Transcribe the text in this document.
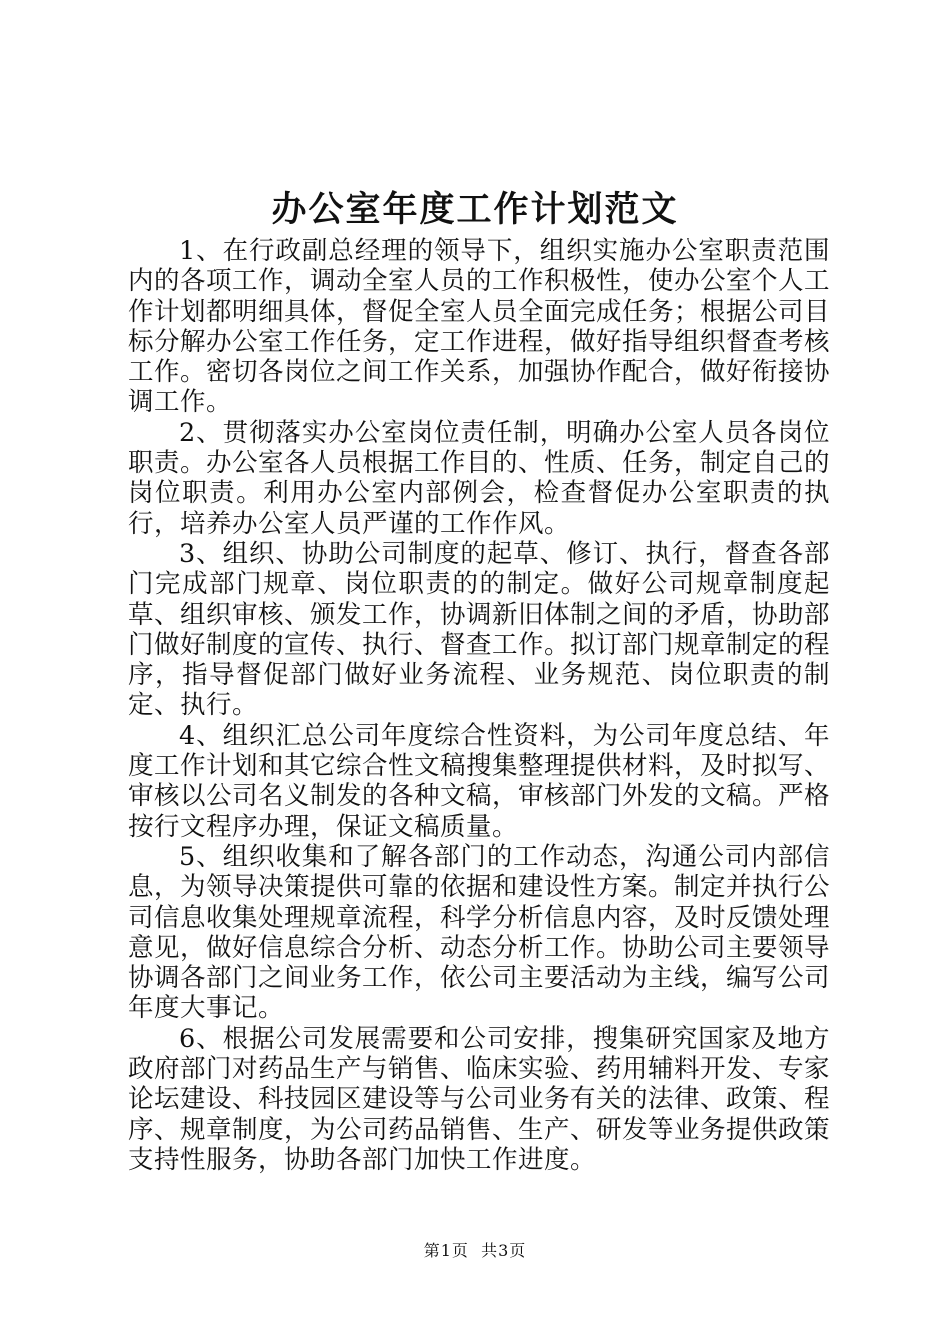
办公室年度工作计划范文

1、在行政副总经理的领导下，组织实施办公室职责范围内的各项工作，调动全室人员的工作积极性，使办公室个人工作计划都明细具体，督促全室人员全面完成任务；根据公司目标分解办公室工作任务，定工作进程，做好指导组织督查考核工作。密切各岗位之间工作关系，加强协作配合，做好衔接协调工作。

2、贯彻落实办公室岗位责任制，明确办公室人员各岗位职责。办公室各人员根据工作目的、性质、任务，制定自己的岗位职责。利用办公室内部例会，检查督促办公室职责的执行，培养办公室人员严谨的工作作风。

3、组织、协助公司制度的起草、修订、执行，督查各部门完成部门规章、岗位职责的的制定。做好公司规章制度起草、组织审核、颁发工作，协调新旧体制之间的矛盾，协助部门做好制度的宣传、执行、督查工作。拟订部门规章制定的程序，指导督促部门做好业务流程、业务规范、岗位职责的制定、执行。

4、组织汇总公司年度综合性资料，为公司年度总结、年度工作计划和其它综合性文稿搜集整理提供材料，及时拟写、审核以公司名义制发的各种文稿，审核部门外发的文稿。严格按行文程序办理，保证文稿质量。

5、组织收集和了解各部门的工作动态，沟通公司内部信息，为领导决策提供可靠的依据和建设性方案。制定并执行公司信息收集处理规章流程，科学分析信息内容，及时反馈处理意见，做好信息综合分析、动态分析工作。协助公司主要领导协调各部门之间业务工作，依公司主要活动为主线，编写公司年度大事记。

6、根据公司发展需要和公司安排，搜集研究国家及地方政府部门对药品生产与销售、临床实验、药用辅料开发、专家论坛建设、科技园区建设等与公司业务有关的法律、政策、程序、规章制度，为公司药品销售、生产、研发等业务提供政策支持性服务，协助各部门加快工作进度。

第1页 共3页
